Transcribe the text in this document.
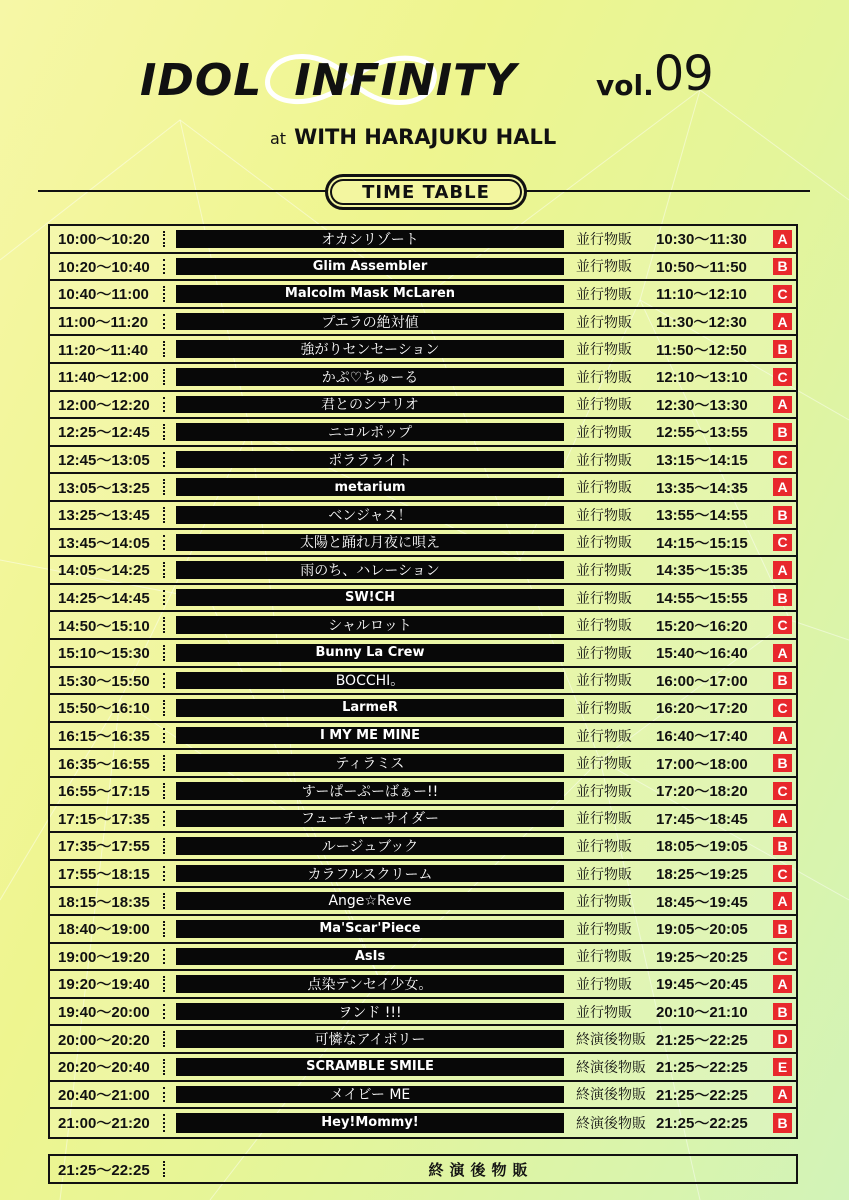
IDOL INFINITY	vol.09
at WITH HARAJUKU HALL
TIME TABLE
10:00～10:20	オカシリゾート	並行物販 10:30～11:30	A
10:20～10:40	Glim Assembler	並行物販 10:50～11:50	B
10:40～11:00	Malcolm Mask McLaren	並行物販 11:10～12:10	C
11:00～11:20	プエラの絶対値	並行物販 11:30～12:30	A
11:20～11:40	強がりセンセーション	並行物販 11:50～12:50	B
11:40～12:00	かぷ♡ちゅーる	並行物販 12:10～13:10	C
12:00～12:20	君とのシナリオ	並行物販 12:30～13:30	A
12:25～12:45	ニコルポップ	並行物販 12:55～13:55	B
12:45～13:05	ポララライト	並行物販 13:15～14:15	C
13:05～13:25	metarium	並行物販 13:35～14:35	A
13:25～13:45	ベンジャス！	並行物販 13:55～14:55	B
13:45～14:05	太陽と踊れ月夜に唄え	並行物販 14:15～15:15	C
14:05～14:25	雨のち、ハレーション	並行物販 14:35～15:35	A
14:25～14:45	SW!CH	並行物販 14:55～15:55	B
14:50～15:10	シャルロット	並行物販 15:20～16:20	C
15:10～15:30	Bunny La Crew	並行物販 15:40～16:40	A
15:30～15:50	BOCCHI。	並行物販 16:00～17:00	B
15:50～16:10	LarmeR	並行物販 16:20～17:20	C
16:15～16:35	I MY ME MINE	並行物販 16:40～17:40	A
16:35～16:55	ティラミス	並行物販 17:00～18:00	B
16:55～17:15	すーぱーぷーばぁー!!	並行物販 17:20～18:20	C
17:15～17:35	フューチャーサイダー	並行物販 17:45～18:45	A
17:35～17:55	ルージュブック	並行物販 18:05～19:05	B
17:55～18:15	カラフルスクリーム	並行物販 18:25～19:25	C
18:15～18:35	Ange☆Reve	並行物販 18:45～19:45	A
18:40～19:00	Ma'Scar'Piece	並行物販 19:05～20:05	B
19:00～19:20	AsIs	並行物販 19:25～20:25	C
19:20～19:40	点染テンセイ少女。	並行物販 19:45～20:45	A
19:40～20:00	ヲンド !!!	並行物販 20:10～21:10	B
20:00～20:20	可憐なアイボリー	終演後物販 21:25～22:25	D
20:20～20:40	SCRAMBLE SMILE	終演後物販 21:25～22:25	E
20:40～21:00	メイビー ME	終演後物販 21:25～22:25	A
21:00～21:20	Hey!Mommy!	終演後物販 21:25～22:25	B
21:25～22:25	終演後物販
